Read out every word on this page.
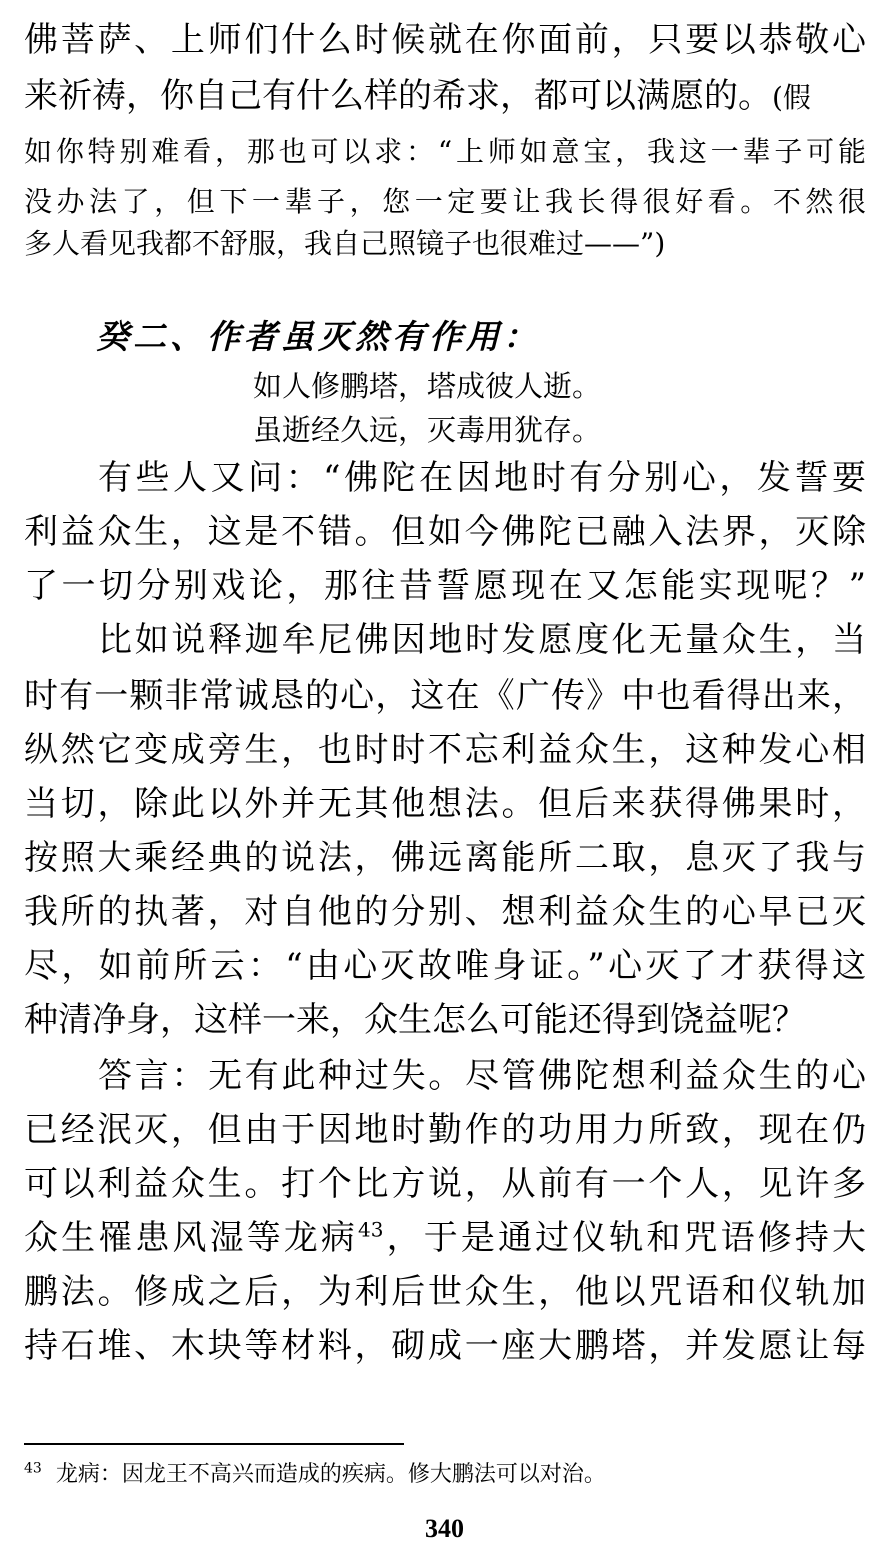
佛菩萨、上师们什么时候就在你面前，只要以恭敬心
来祈祷，你自己有什么样的希求，都可以满愿的。(假
如你特别难看，那也可以求：“上师如意宝，我这一辈子可能
没办法了，但下一辈子，您一定要让我长得很好看。不然很
多人看见我都不舒服，我自己照镜子也很难过——”)
癸二、作者虽灭然有作用：
如人修鹏塔，塔成彼人逝。
虽逝经久远，灭毒用犹存。
有些人又问：“佛陀在因地时有分别心，发誓要
利益众生，这是不错。但如今佛陀已融入法界，灭除
了一切分别戏论，那往昔誓愿现在又怎能实现呢？”
比如说释迦牟尼佛因地时发愿度化无量众生，当
时有一颗非常诚恳的心，这在《广传》中也看得出来，
纵然它变成旁生，也时时不忘利益众生，这种发心相
当切，除此以外并无其他想法。但后来获得佛果时，
按照大乘经典的说法，佛远离能所二取，息灭了我与
我所的执著，对自他的分别、想利益众生的心早已灭
尽，如前所云：“由心灭故唯身证。”心灭了才获得这
种清净身，这样一来，众生怎么可能还得到饶益呢？
答言：无有此种过失。尽管佛陀想利益众生的心
已经泯灭，但由于因地时勤作的功用力所致，现在仍
可以利益众生。打个比方说，从前有一个人，见许多
众生罹患风湿等龙病$^{43}$，于是通过仪轨和咒语修持大
鹏法。修成之后，为利后世众生，他以咒语和仪轨加
持石堆、木块等材料，砌成一座大鹏塔，并发愿让每
$^{43}$ 龙病：因龙王不高兴而造成的疾病。修大鹏法可以对治。
340
